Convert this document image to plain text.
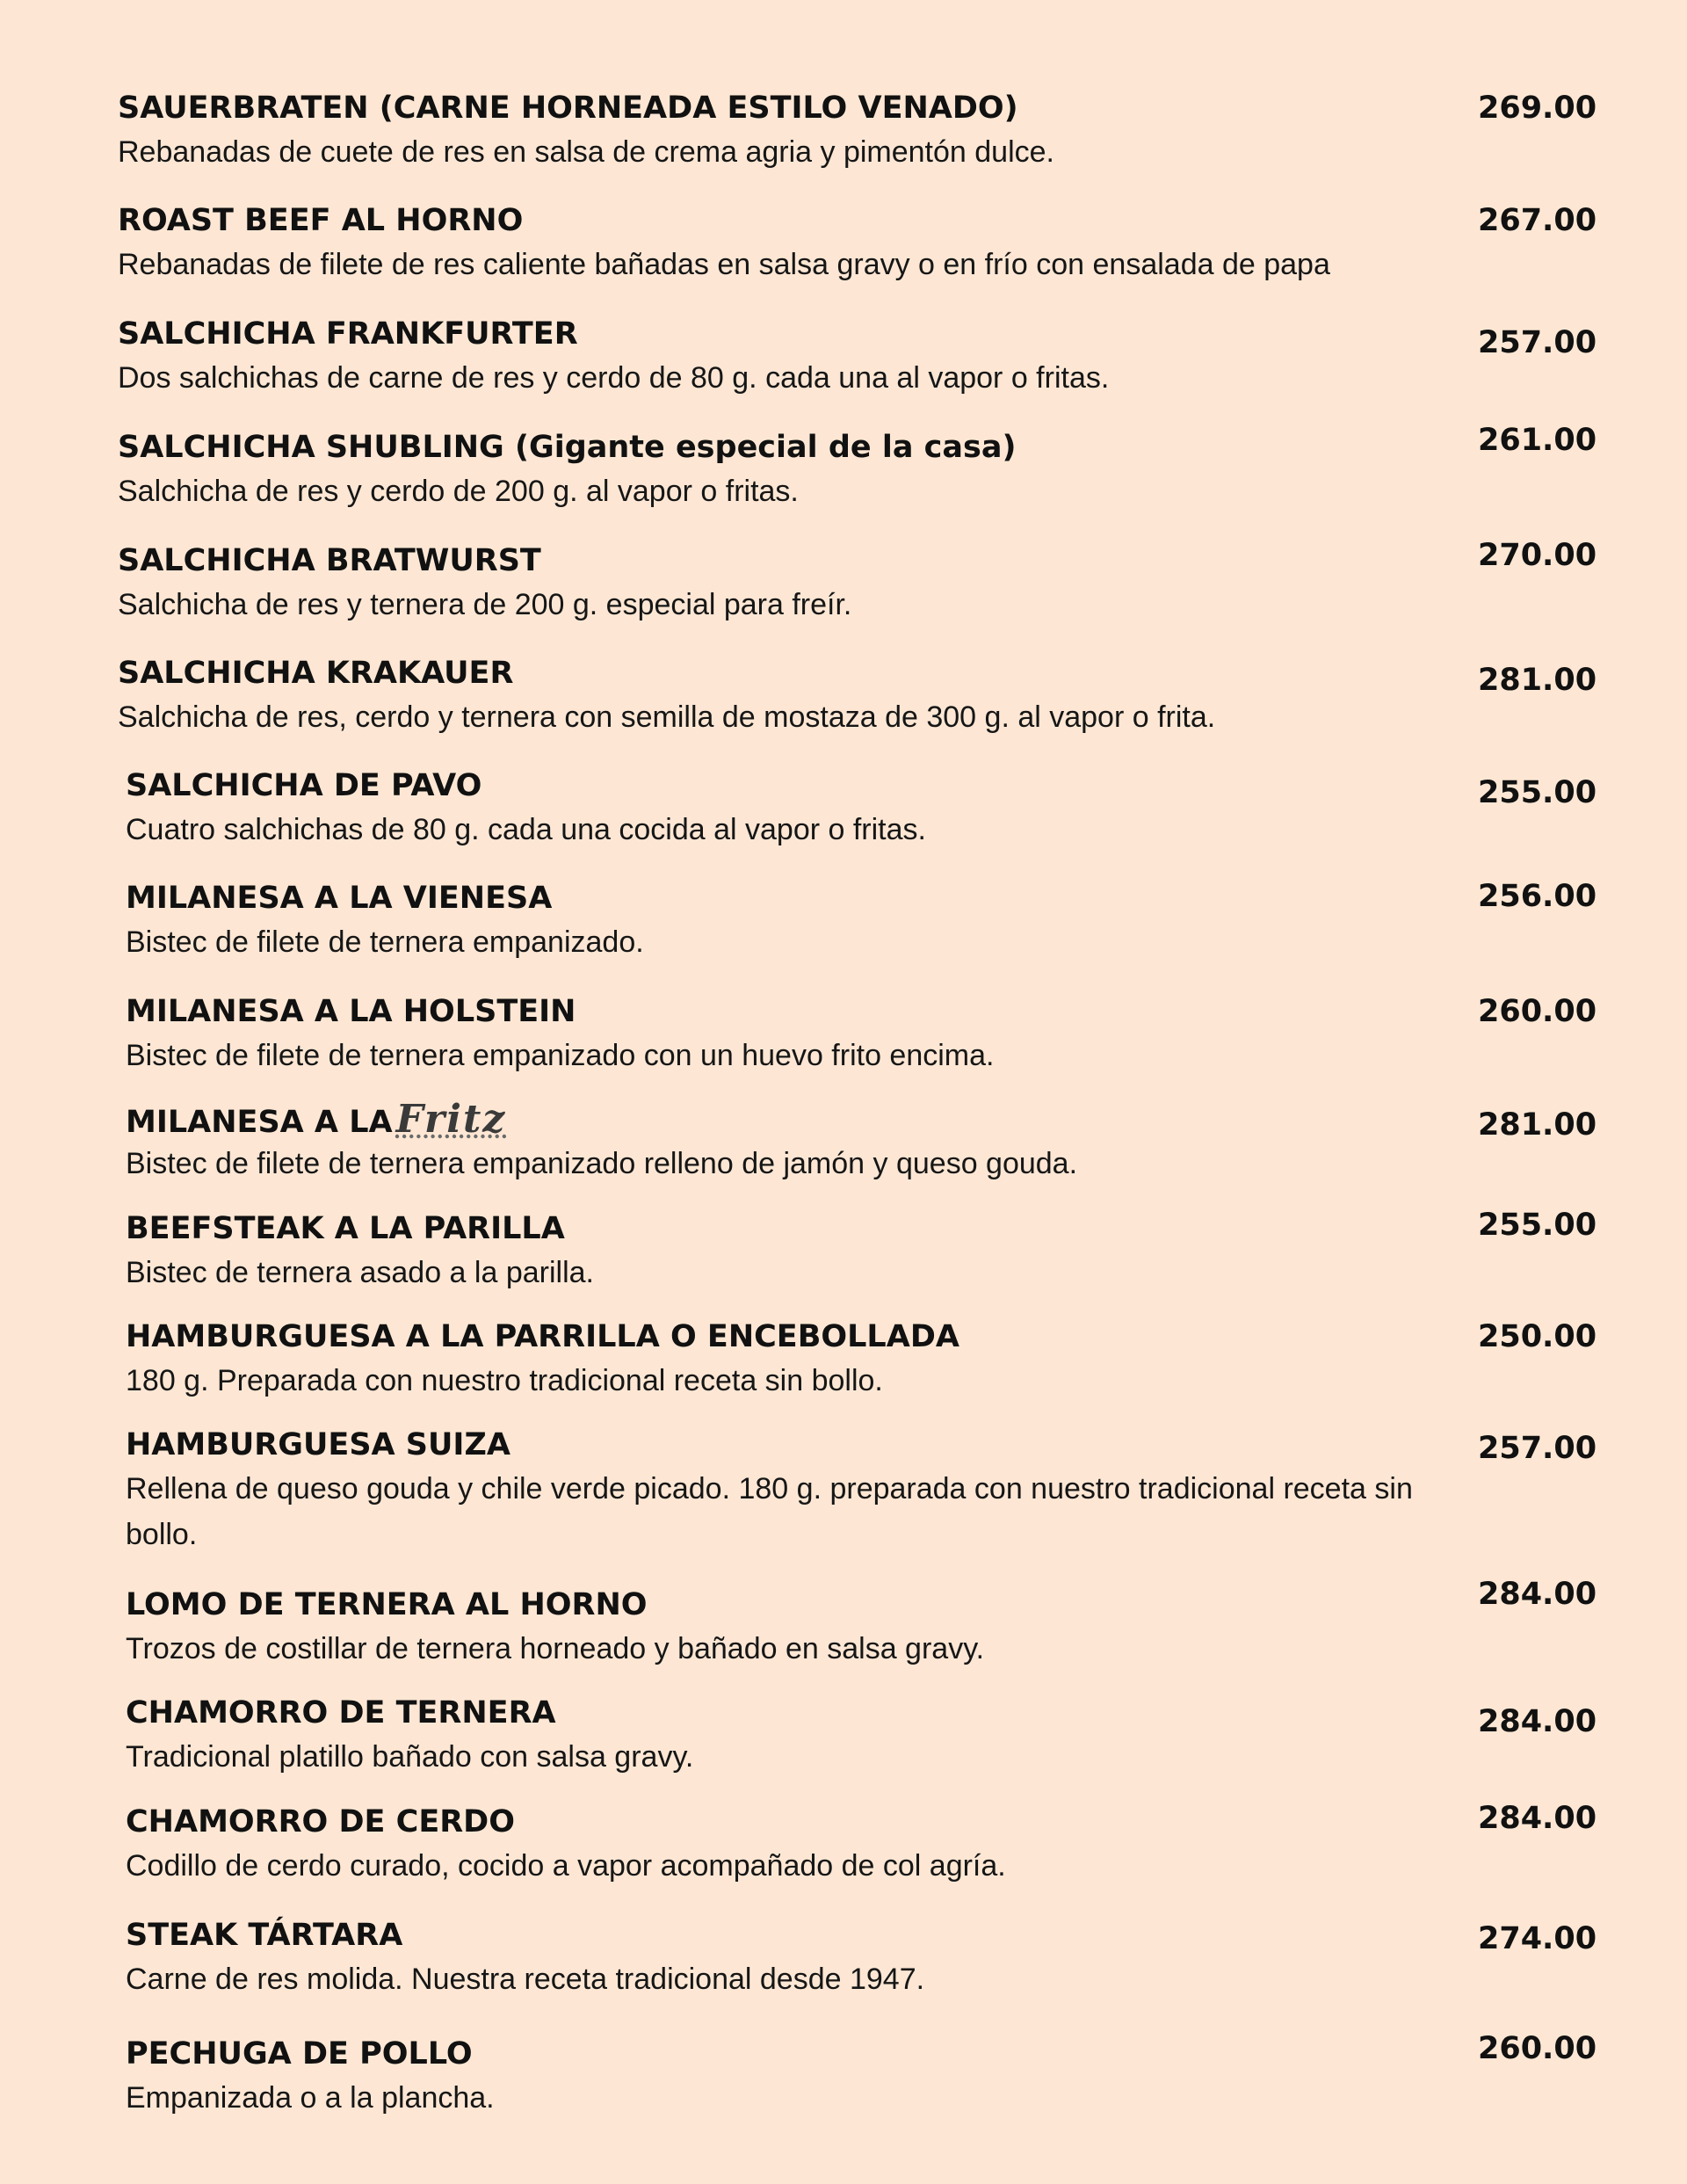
SAUERBRATEN (CARNE HORNEADA ESTILO VENADO)
Rebanadas de cuete de res en salsa de crema agria y pimentón dulce.
269.00
ROAST BEEF AL HORNO
Rebanadas de filete de res caliente bañadas en salsa gravy o en frío con ensalada de papa
267.00
SALCHICHA FRANKFURTER
Dos salchichas de carne de res y cerdo de 80 g. cada una al vapor o fritas.
257.00
SALCHICHA SHUBLING (Gigante especial de la casa)
Salchicha de res y cerdo de 200 g. al vapor o fritas.
261.00
SALCHICHA BRATWURST
Salchicha de res y ternera de 200 g. especial para freír.
270.00
SALCHICHA KRAKAUER
Salchicha de res, cerdo y ternera con semilla de mostaza de 300 g. al vapor o frita.
281.00
SALCHICHA DE PAVO
Cuatro salchichas de 80 g. cada una cocida al vapor o fritas.
255.00
MILANESA A LA VIENESA
Bistec de filete de ternera empanizado.
256.00
MILANESA A LA HOLSTEIN
Bistec de filete de ternera empanizado con un huevo frito encima.
260.00
MILANESA A LAFritz
Bistec de filete de ternera empanizado relleno de jamón y queso gouda.
281.00
BEEFSTEAK A LA PARILLA
Bistec de ternera asado a la parilla.
255.00
HAMBURGUESA A LA PARRILLA O ENCEBOLLADA
180 g. Preparada con nuestro tradicional receta sin bollo.
250.00
HAMBURGUESA SUIZA
Rellena de queso gouda y chile verde picado. 180 g. preparada con nuestro tradicional receta sin bollo.
257.00
LOMO DE TERNERA AL HORNO
Trozos de costillar de ternera horneado y bañado en salsa gravy.
284.00
CHAMORRO DE TERNERA
Tradicional platillo bañado con salsa gravy.
284.00
CHAMORRO DE CERDO
Codillo de cerdo curado, cocido a vapor acompañado de col agría.
284.00
STEAK TÁRTARA
Carne de res molida. Nuestra receta tradicional desde 1947.
274.00
PECHUGA DE POLLO
Empanizada o a la plancha.
260.00
